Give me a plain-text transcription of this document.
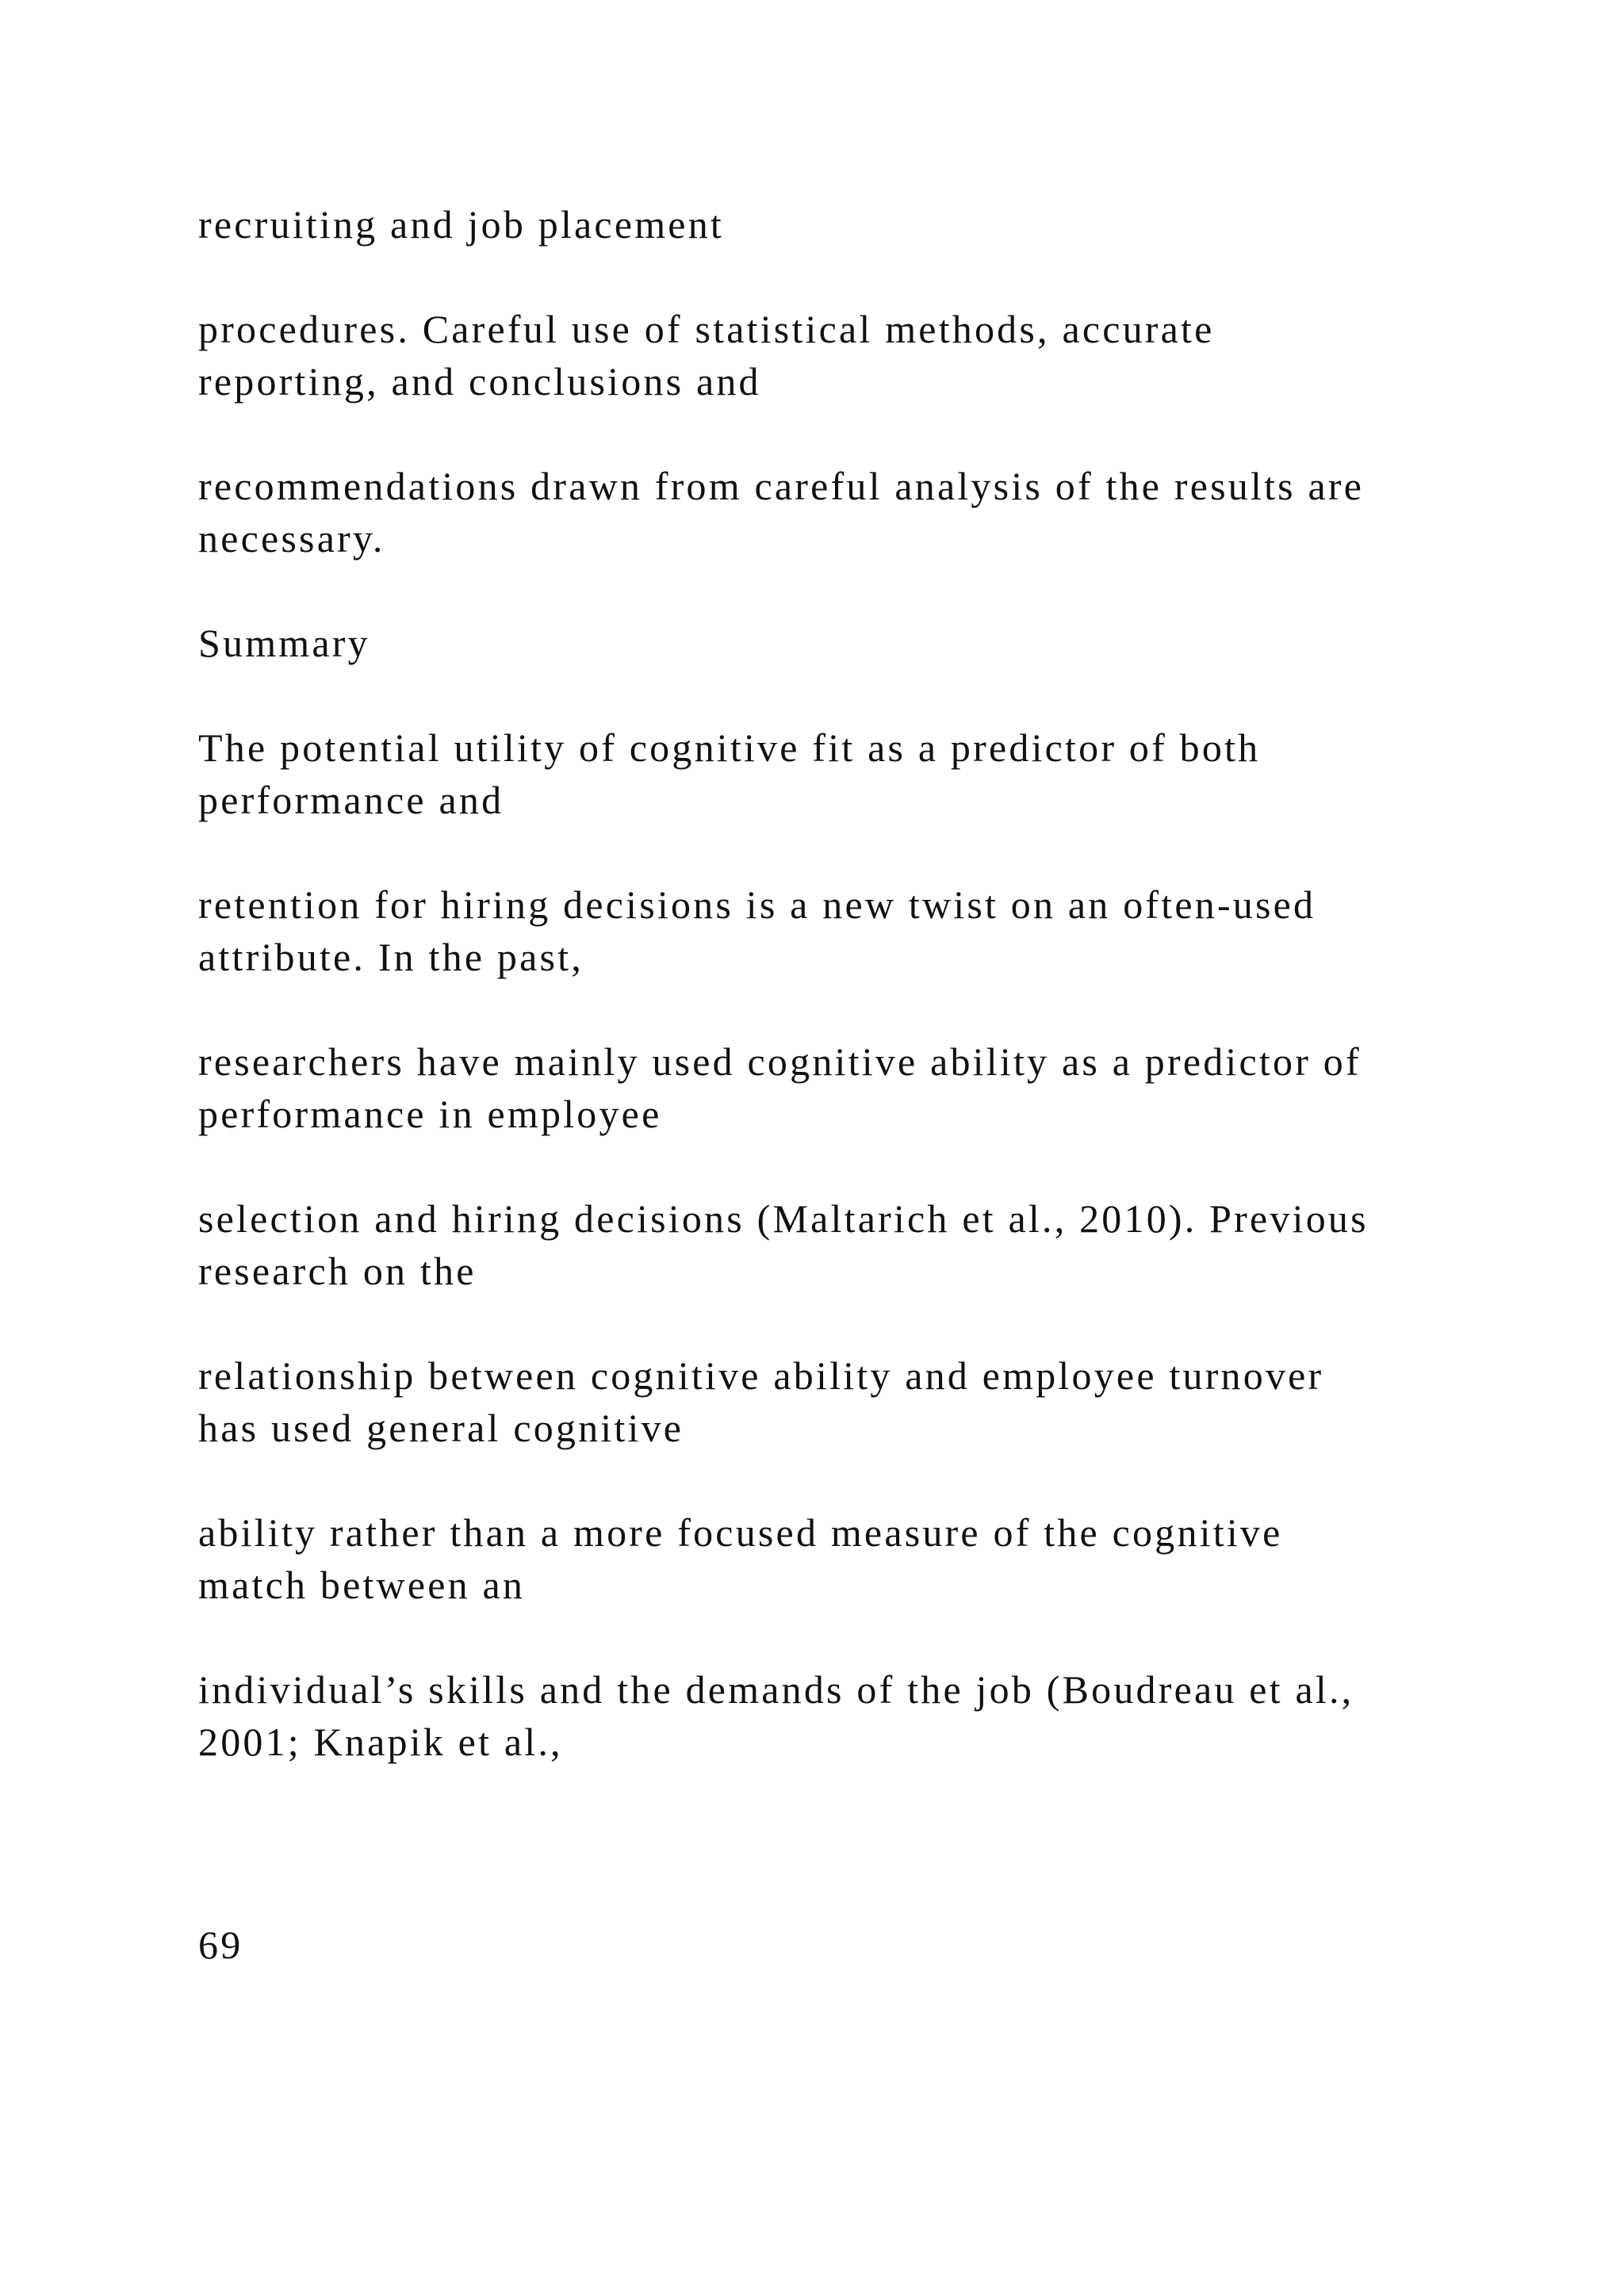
recruiting and job placement

procedures. Careful use of statistical methods, accurate
reporting, and conclusions and

recommendations drawn from careful analysis of the results are
necessary.

Summary

The potential utility of cognitive fit as a predictor of both
performance and

retention for hiring decisions is a new twist on an often-used
attribute. In the past,

researchers have mainly used cognitive ability as a predictor of
performance in employee

selection and hiring decisions (Maltarich et al., 2010). Previous
research on the

relationship between cognitive ability and employee turnover
has used general cognitive

ability rather than a more focused measure of the cognitive
match between an

individual’s skills and the demands of the job (Boudreau et al.,
2001; Knapik et al.,

69
